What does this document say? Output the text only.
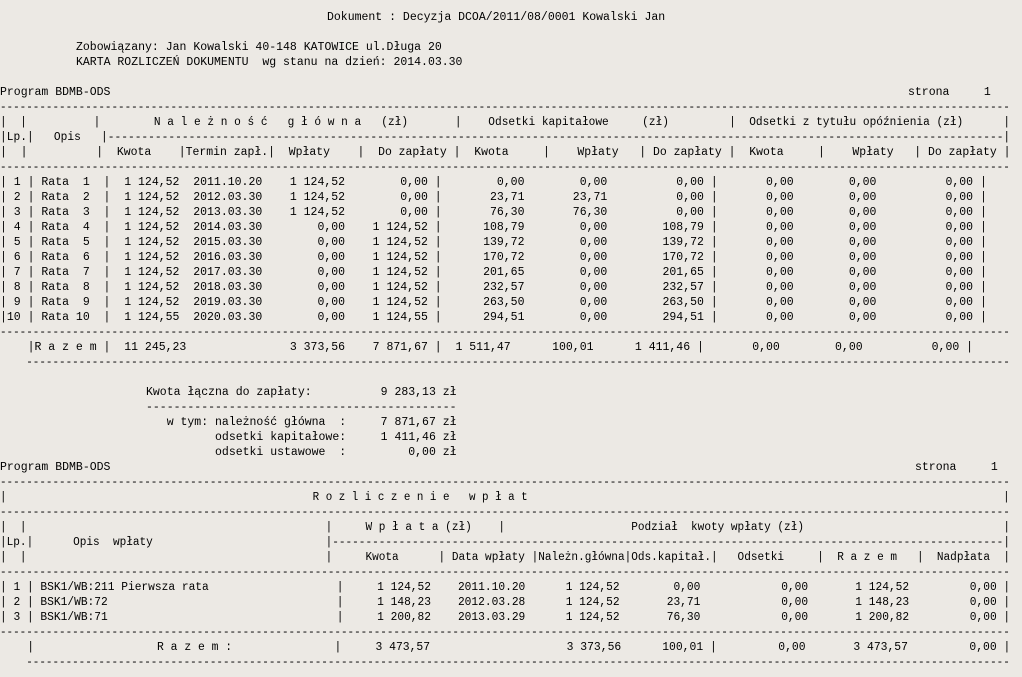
Dokument : Decyzja DCOA/2011/08/0001 Kowalski Jan
Zobowiązany: Jan Kowalski 40-148 KATOWICE ul.Długa 20
KARTA ROZLICZEŃ DOKUMENTU  wg stanu na dzień: 2014.03.30
Program BDMB-ODS	strona     1
----------------------------------------------------------------------------------------------------------------------------------------------------------
|  |          |        N a l e ż n o ś ć   g ł ó w n a   (zł)       |    Odsetki kapitałowe     (zł)         |  Odsetki z tytułu opóźnienia (zł)      |
|Lp.|   Opis   |-------------------------------------------------------------------------------------------------------------------------------------|
|  |          |  Kwota    |Termin zapł.|  Wpłaty    |  Do zapłaty |  Kwota     |    Wpłaty   | Do zapłaty |  Kwota     |    Wpłaty   | Do zapłaty |
----------------------------------------------------------------------------------------------------------------------------------------------------------
| 1 | Rata  1  |  1 124,52  2011.10.20    1 124,52        0,00 |        0,00        0,00          0,00 |       0,00        0,00          0,00 |
| 2 | Rata  2  |  1 124,52  2012.03.30    1 124,52        0,00 |       23,71       23,71          0,00 |       0,00        0,00          0,00 |
| 3 | Rata  3  |  1 124,52  2013.03.30    1 124,52        0,00 |       76,30       76,30          0,00 |       0,00        0,00          0,00 |
| 4 | Rata  4  |  1 124,52  2014.03.30        0,00    1 124,52 |      108,79        0,00        108,79 |       0,00        0,00          0,00 |
| 5 | Rata  5  |  1 124,52  2015.03.30        0,00    1 124,52 |      139,72        0,00        139,72 |       0,00        0,00          0,00 |
| 6 | Rata  6  |  1 124,52  2016.03.30        0,00    1 124,52 |      170,72        0,00        170,72 |       0,00        0,00          0,00 |
| 7 | Rata  7  |  1 124,52  2017.03.30        0,00    1 124,52 |      201,65        0,00        201,65 |       0,00        0,00          0,00 |
| 8 | Rata  8  |  1 124,52  2018.03.30        0,00    1 124,52 |      232,57        0,00        232,57 |       0,00        0,00          0,00 |
| 9 | Rata  9  |  1 124,52  2019.03.30        0,00    1 124,52 |      263,50        0,00        263,50 |       0,00        0,00          0,00 |
|10 | Rata 10  |  1 124,55  2020.03.30        0,00    1 124,55 |      294,51        0,00        294,51 |       0,00        0,00          0,00 |
----------------------------------------------------------------------------------------------------------------------------------------------------------
|R a z e m |  11 245,23               3 373,56    7 871,67 |  1 511,47      100,01      1 411,46 |       0,00        0,00          0,00 |
------------------------------------------------------------------------------------------------------------------------------------------------------
Kwota łączna do zapłaty:          9 283,13 zł
---------------------------------------------
w tym: należność główna  :     7 871,67 zł
odsetki kapitałowe:     1 411,46 zł
odsetki ustawowe  :         0,00 zł
Program BDMB-ODS	strona     1
----------------------------------------------------------------------------------------------------------------------------------------------------------
|                                               R o z l i c z e n i e   w p ł a t                                                                         |
----------------------------------------------------------------------------------------------------------------------------------------------------------
|  |                                             |     W p ł a t a (zł)    |                   Podział  kwoty wpłaty (zł)                              |
|Lp.|      Opis  wpłaty                          |-----------------------------------------------------------------------------------------------------|
|  |                                             |     Kwota      | Data wpłaty |Należn.główna|Ods.kapitał.|   Odsetki     |  R a z e m   |  Nadpłata  |
----------------------------------------------------------------------------------------------------------------------------------------------------------
| 1 | BSK1/WB:211 Pierwsza rata                   |     1 124,52    2011.10.20      1 124,52        0,00            0,00       1 124,52         0,00 |
| 2 | BSK1/WB:72                                  |     1 148,23    2012.03.28      1 124,52       23,71            0,00       1 148,23         0,00 |
| 3 | BSK1/WB:71                                  |     1 200,82    2013.03.29      1 124,52       76,30            0,00       1 200,82         0,00 |
----------------------------------------------------------------------------------------------------------------------------------------------------------
|                  R a z e m :               |     3 473,57                    3 373,56      100,01 |         0,00       3 473,57         0,00 |
------------------------------------------------------------------------------------------------------------------------------------------------------
